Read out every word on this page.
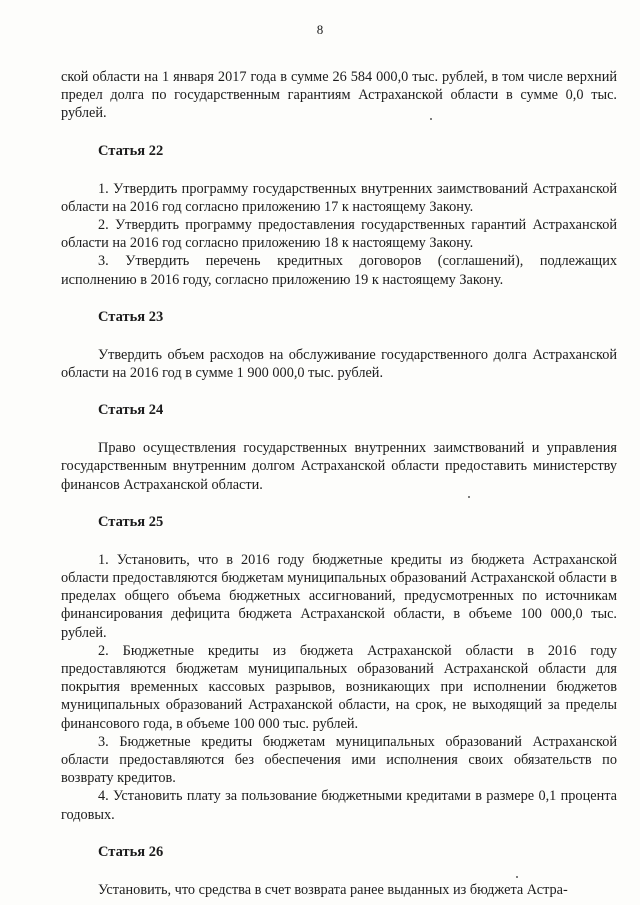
8

ской области на 1 января 2017 года в сумме 26 584 000,0 тыс. рублей, в том числе верхний предел долга по государственным гарантиям Астраханской области в сумме 0,0 тыс. рублей.

Статья 22

1. Утвердить программу государственных внутренних заимствований Астраханской области на 2016 год согласно приложению 17 к настоящему Закону.

2. Утвердить программу предоставления государственных гарантий Астраханской области на 2016 год согласно приложению 18 к настоящему Закону.

3. Утвердить перечень кредитных договоров (соглашений), подлежащих исполнению в 2016 году, согласно приложению 19 к настоящему Закону.

Статья 23

Утвердить объем расходов на обслуживание государственного долга Астраханской области на 2016 год в сумме 1 900 000,0 тыс. рублей.

Статья 24

Право осуществления государственных внутренних заимствований и управления государственным внутренним долгом Астраханской области предоставить министерству финансов Астраханской области.

Статья 25

1. Установить, что в 2016 году бюджетные кредиты из бюджета Астраханской области предоставляются бюджетам муниципальных образований Астраханской области в пределах общего объема бюджетных ассигнований, предусмотренных по источникам финансирования дефицита бюджета Астраханской области, в объеме 100 000,0 тыс. рублей.

2. Бюджетные кредиты из бюджета Астраханской области в 2016 году предоставляются бюджетам муниципальных образований Астраханской области для покрытия временных кассовых разрывов, возникающих при исполнении бюджетов муниципальных образований Астраханской области, на срок, не выходящий за пределы финансового года, в объеме 100 000 тыс. рублей.

3. Бюджетные кредиты бюджетам муниципальных образований Астраханской области предоставляются без обеспечения ими исполнения своих обязательств по возврату кредитов.

4. Установить плату за пользование бюджетными кредитами в размере 0,1 процента годовых.

Статья 26

Установить, что средства в счет возврата ранее выданных из бюджета Астра-
